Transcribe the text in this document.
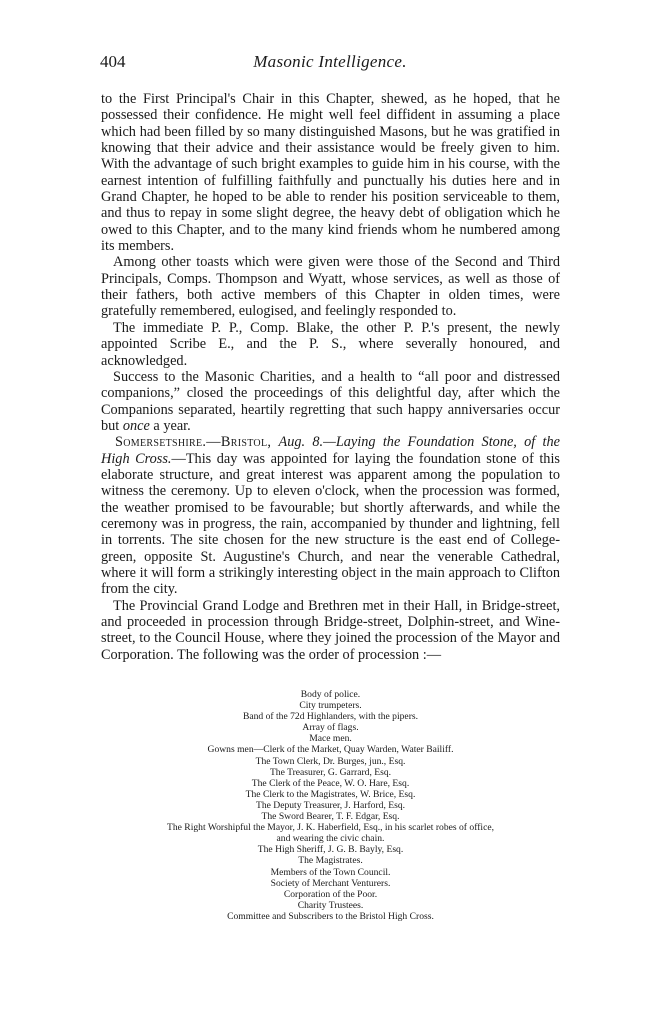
404	Masonic Intelligence.

to the First Principal's Chair in this Chapter, shewed, as he hoped, that he possessed their confidence. He might well feel diffident in assuming a place which had been filled by so many distinguished Masons, but he was gratified in knowing that their advice and their assistance would be freely given to him. With the advantage of such bright examples to guide him in his course, with the earnest intention of fulfilling faithfully and punctually his duties here and in Grand Chapter, he hoped to be able to render his position serviceable to them, and thus to repay in some slight degree, the heavy debt of obligation which he owed to this Chapter, and to the many kind friends whom he numbered among its members.

Among other toasts which were given were those of the Second and Third Principals, Comps. Thompson and Wyatt, whose services, as well as those of their fathers, both active members of this Chapter in olden times, were gratefully remembered, eulogised, and feelingly responded to.

The immediate P. P., Comp. Blake, the other P. P.'s present, the newly appointed Scribe E., and the P. S., where severally honoured, and acknowledged.

Success to the Masonic Charities, and a health to “all poor and distressed companions,” closed the proceedings of this delightful day, after which the Companions separated, heartily regretting that such happy anniversaries occur but once a year.

Somersetshire.—Bristol, Aug. 8.—Laying the Foundation Stone, of the High Cross.—This day was appointed for laying the foundation stone of this elaborate structure, and great interest was apparent among the population to witness the ceremony. Up to eleven o'clock, when the procession was formed, the weather promised to be favourable; but shortly afterwards, and while the ceremony was in progress, the rain, accompanied by thunder and lightning, fell in torrents. The site chosen for the new structure is the east end of College-green, opposite St. Augustine's Church, and near the venerable Cathedral, where it will form a strikingly interesting object in the main approach to Clifton from the city.

The Provincial Grand Lodge and Brethren met in their Hall, in Bridge-street, and proceeded in procession through Bridge-street, Dolphin-street, and Wine-street, to the Council House, where they joined the procession of the Mayor and Corporation. The following was the order of procession :—

Body of police.
City trumpeters.
Band of the 72d Highlanders, with the pipers.
Array of flags.
Mace men.
Gowns men—Clerk of the Market, Quay Warden, Water Bailiff.
The Town Clerk, Dr. Burges, jun., Esq.
The Treasurer, G. Garrard, Esq.
The Clerk of the Peace, W. O. Hare, Esq.
The Clerk to the Magistrates, W. Brice, Esq.
The Deputy Treasurer, J. Harford, Esq.
The Sword Bearer, T. F. Edgar, Esq.
The Right Worshipful the Mayor, J. K. Haberfield, Esq., in his scarlet robes of office,
and wearing the civic chain.
The High Sheriff, J. G. B. Bayly, Esq.
The Magistrates.
Members of the Town Council.
Society of Merchant Venturers.
Corporation of the Poor.
Charity Trustees.
Committee and Subscribers to the Bristol High Cross.
